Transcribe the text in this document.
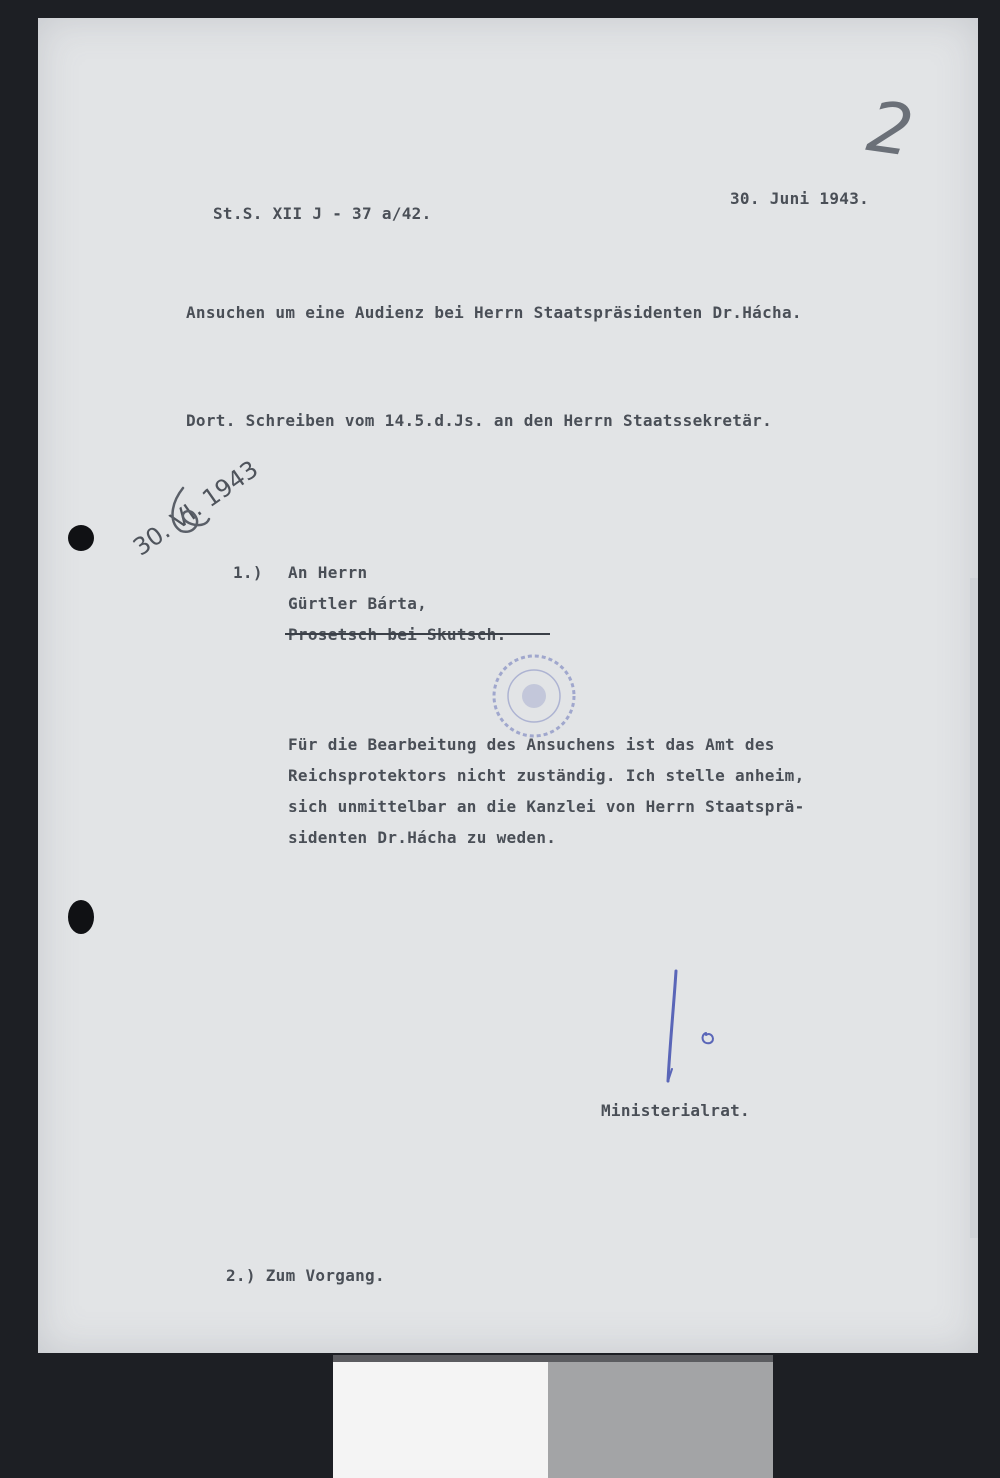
2
St.S. XII J - 37 a/42.
30. Juni 1943.
Ansuchen um eine Audienz bei Herrn Staatspräsidenten Dr.Hácha.
Dort. Schreiben vom 14.5.d.Js. an den Herrn Staatssekretär.
30. VI. 1943
1.) An Herrn
Gürtler Bárta,
Für die Bearbeitung des Ansuchens ist das Amt des
Reichsprotektors nicht zuständig. Ich stelle anheim,
sich unmittelbar an die Kanzlei von Herrn Staatsprä-
sidenten Dr.Hácha zu weden.
Ministerialrat.
2.) Zum Vorgang.
